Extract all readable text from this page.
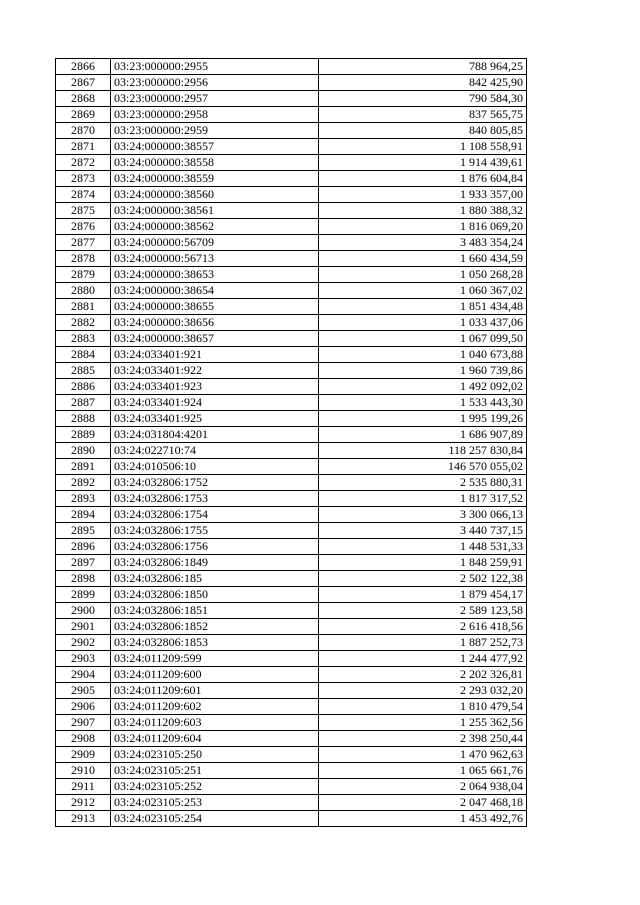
2866	03:23:000000:2955	788 964,25
2867	03:23:000000:2956	842 425,90
2868	03:23:000000:2957	790 584,30
2869	03:23:000000:2958	837 565,75
2870	03:23:000000:2959	840 805,85
2871	03:24:000000:38557	1 108 558,91
2872	03:24:000000:38558	1 914 439,61
2873	03:24:000000:38559	1 876 604,84
2874	03:24:000000:38560	1 933 357,00
2875	03:24:000000:38561	1 880 388,32
2876	03:24:000000:38562	1 816 069,20
2877	03:24:000000:56709	3 483 354,24
2878	03:24:000000:56713	1 660 434,59
2879	03:24:000000:38653	1 050 268,28
2880	03:24:000000:38654	1 060 367,02
2881	03:24:000000:38655	1 851 434,48
2882	03:24:000000:38656	1 033 437,06
2883	03:24:000000:38657	1 067 099,50
2884	03:24:033401:921	1 040 673,88
2885	03:24:033401:922	1 960 739,86
2886	03:24:033401:923	1 492 092,02
2887	03:24:033401:924	1 533 443,30
2888	03:24:033401:925	1 995 199,26
2889	03:24:031804:4201	1 686 907,89
2890	03:24:022710:74	118 257 830,84
2891	03:24:010506:10	146 570 055,02
2892	03:24:032806:1752	2 535 880,31
2893	03:24:032806:1753	1 817 317,52
2894	03:24:032806:1754	3 300 066,13
2895	03:24:032806:1755	3 440 737,15
2896	03:24:032806:1756	1 448 531,33
2897	03:24:032806:1849	1 848 259,91
2898	03:24:032806:185	2 502 122,38
2899	03:24:032806:1850	1 879 454,17
2900	03:24:032806:1851	2 589 123,58
2901	03:24:032806:1852	2 616 418,56
2902	03:24:032806:1853	1 887 252,73
2903	03:24:011209:599	1 244 477,92
2904	03:24:011209:600	2 202 326,81
2905	03:24:011209:601	2 293 032,20
2906	03:24:011209:602	1 810 479,54
2907	03:24:011209:603	1 255 362,56
2908	03:24:011209:604	2 398 250,44
2909	03:24:023105:250	1 470 962,63
2910	03:24:023105:251	1 065 661,76
2911	03:24:023105:252	2 064 938,04
2912	03:24:023105:253	2 047 468,18
2913	03:24:023105:254	1 453 492,76
